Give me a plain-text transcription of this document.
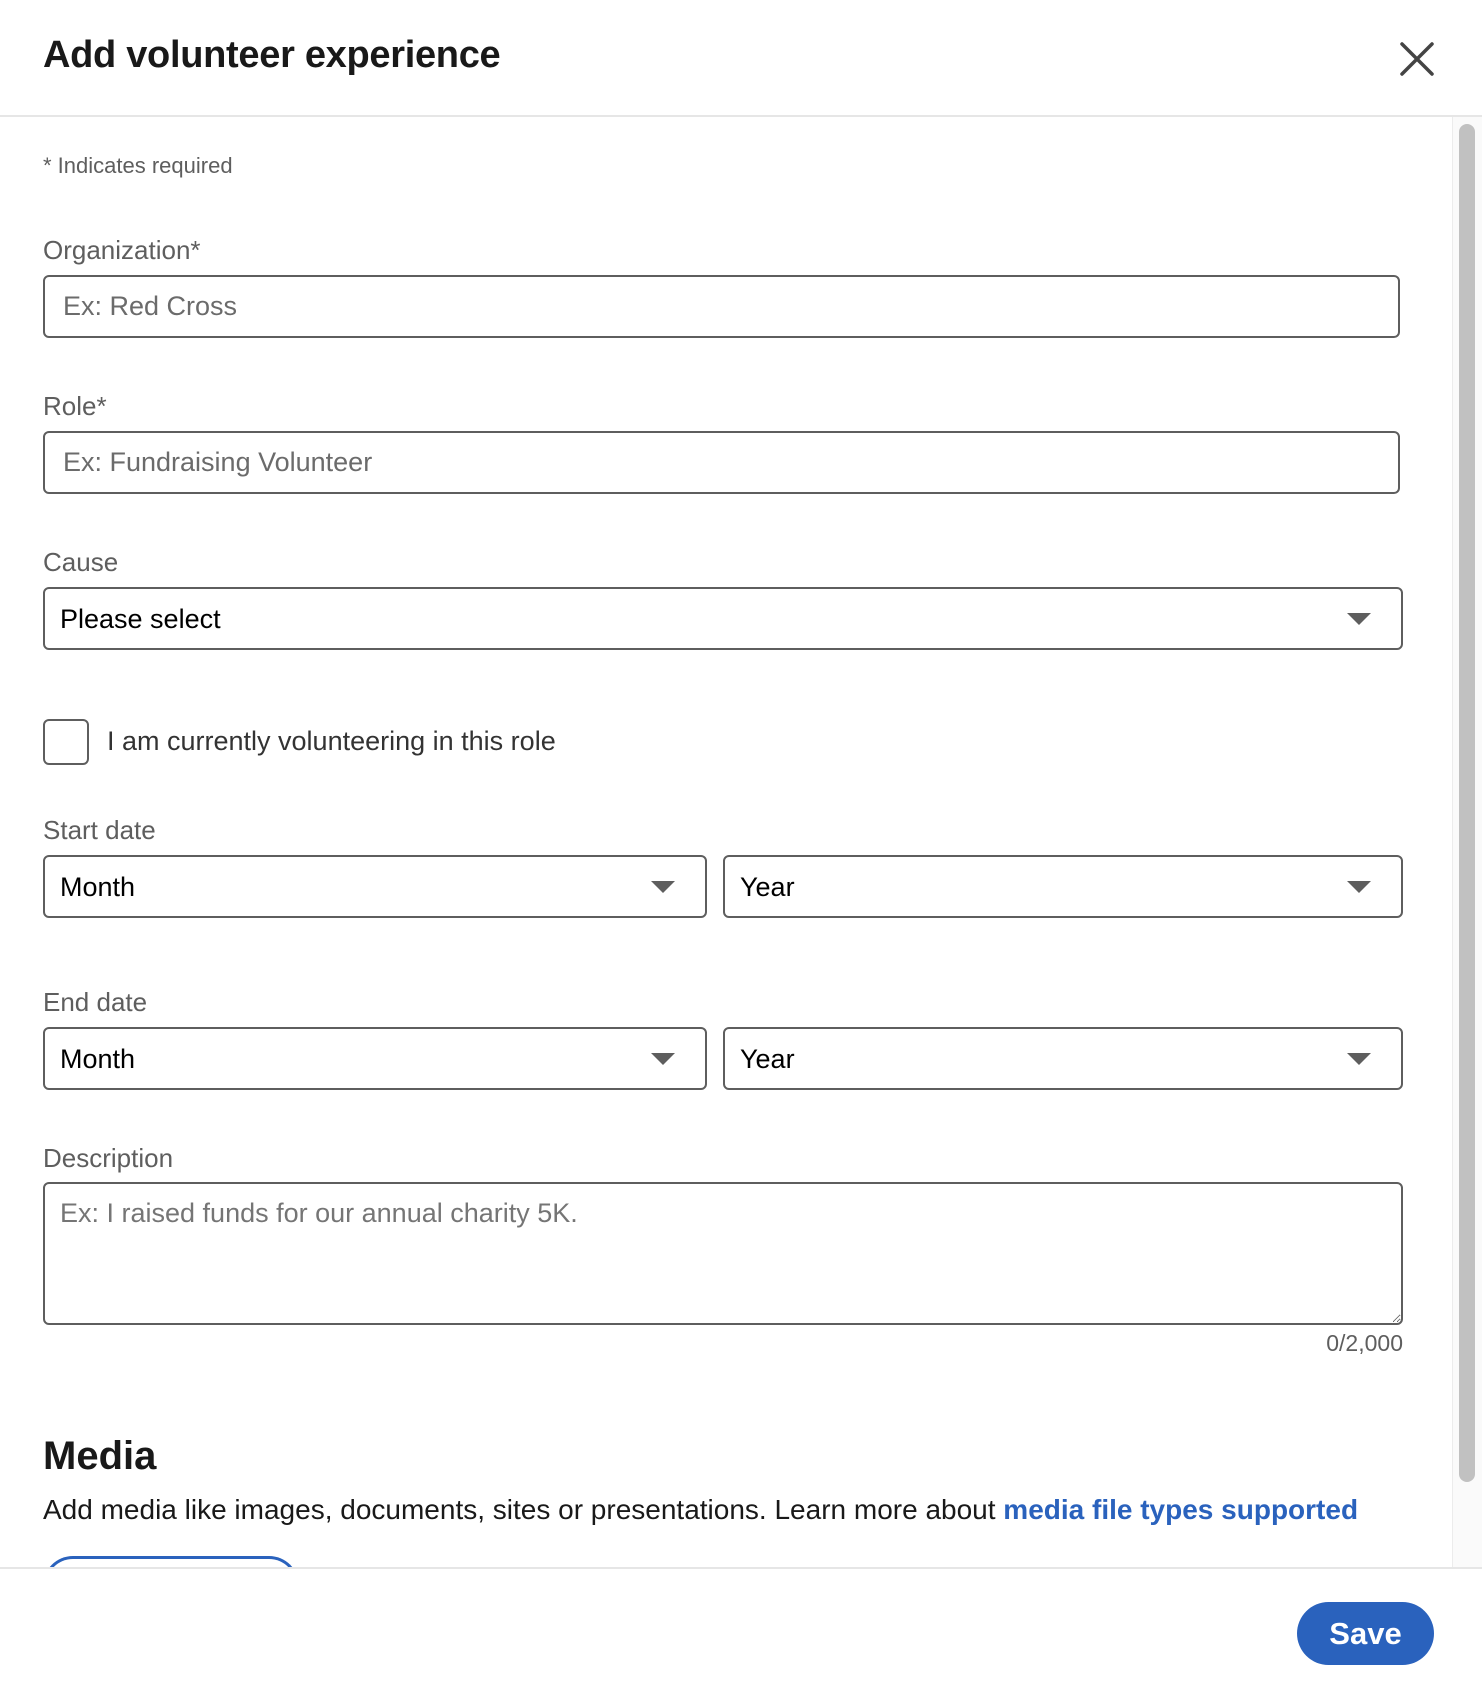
Add volunteer experience
* Indicates required
Organization*
Ex: Red Cross
Role*
Ex: Fundraising Volunteer
Cause
Please select
I am currently volunteering in this role
Start date
Month	Year
End date
Month	Year
Description
Ex: I raised funds for our annual charity 5K.
0/2,000
Media
Add media like images, documents, sites or presentations. Learn more about media file types supported
Save
